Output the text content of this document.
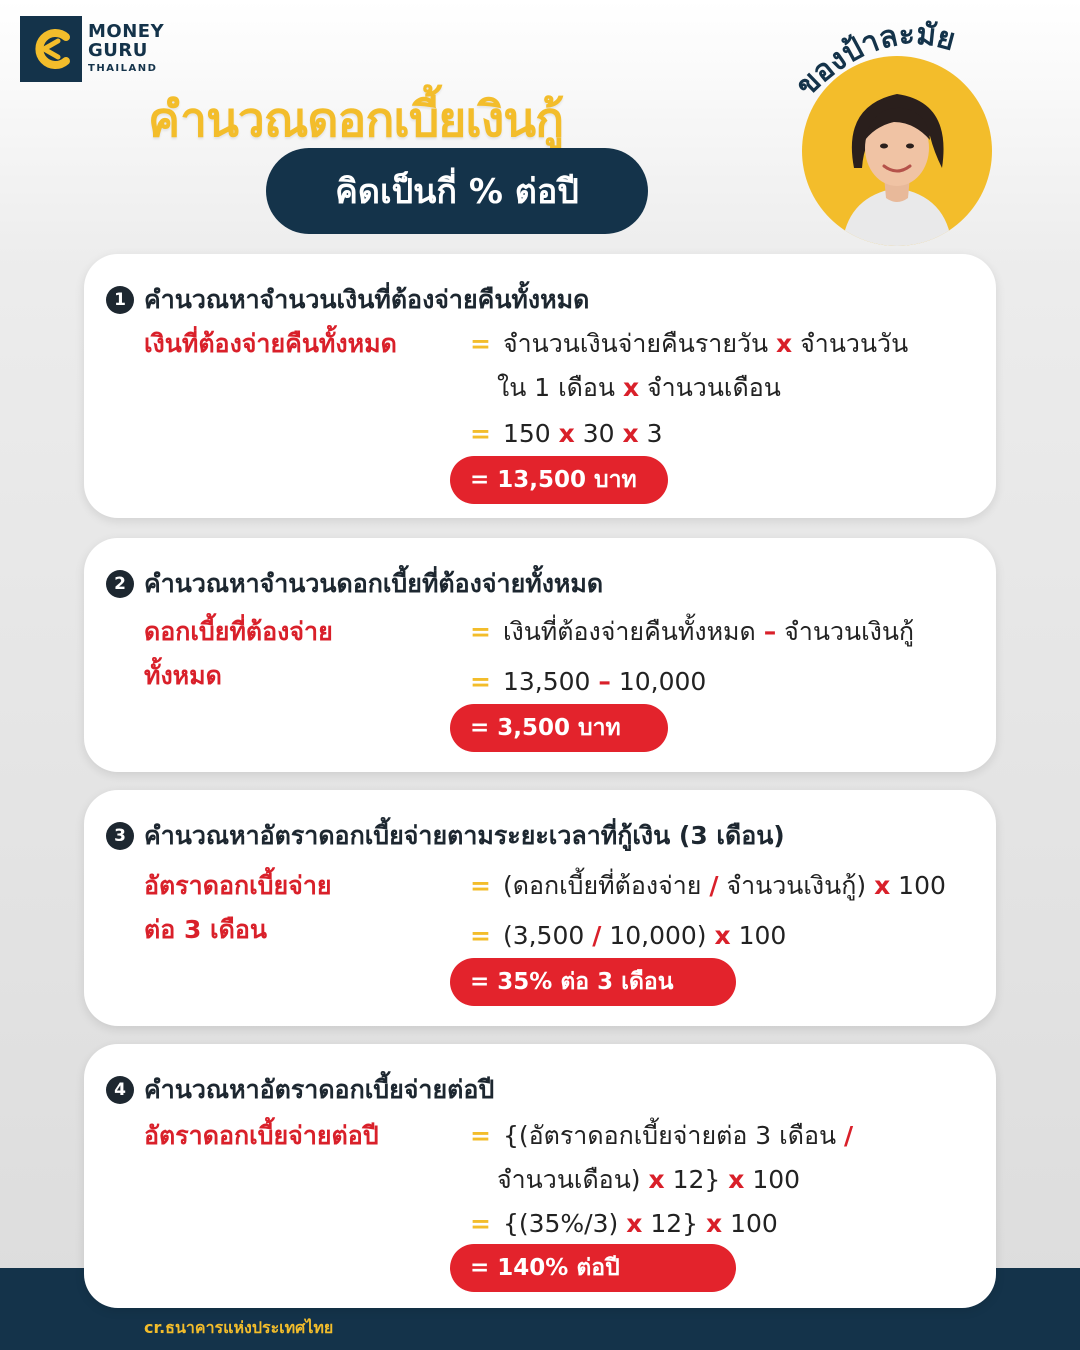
MONEY
GURU
THAILAND
คำนวณดอกเบี้ยเงินกู้
คิดเป็นกี่ % ต่อปี
ของป้าละมัย
1 คำนวณหาจำนวนเงินที่ต้องจ่ายคืนทั้งหมด
เงินที่ต้องจ่ายคืนทั้งหมด	= จำนวนเงินจ่ายคืนรายวัน x จำนวนวัน
ใน 1 เดือน x จำนวนเดือน
= 150 x 30 x 3
= 13,500 บาท
2 คำนวณหาจำนวนดอกเบี้ยที่ต้องจ่ายทั้งหมด
ดอกเบี้ยที่ต้องจ่าย
ทั้งหมด
= เงินที่ต้องจ่ายคืนทั้งหมด – จำนวนเงินกู้
= 13,500 – 10,000
= 3,500 บาท
3 คำนวณหาอัตราดอกเบี้ยจ่ายตามระยะเวลาที่กู้เงิน (3 เดือน)
อัตราดอกเบี้ยจ่าย
ต่อ 3 เดือน
= (ดอกเบี้ยที่ต้องจ่าย / จำนวนเงินกู้) x 100
= (3,500 / 10,000) x 100
= 35% ต่อ 3 เดือน
4 คำนวณหาอัตราดอกเบี้ยจ่ายต่อปี
อัตราดอกเบี้ยจ่ายต่อปี	= {(อัตราดอกเบี้ยจ่ายต่อ 3 เดือน /
จำนวนเดือน) x 12} x 100
= {(35%/3) x 12} x 100
= 140% ต่อปี
cr.ธนาคารแห่งประเทศไทย
